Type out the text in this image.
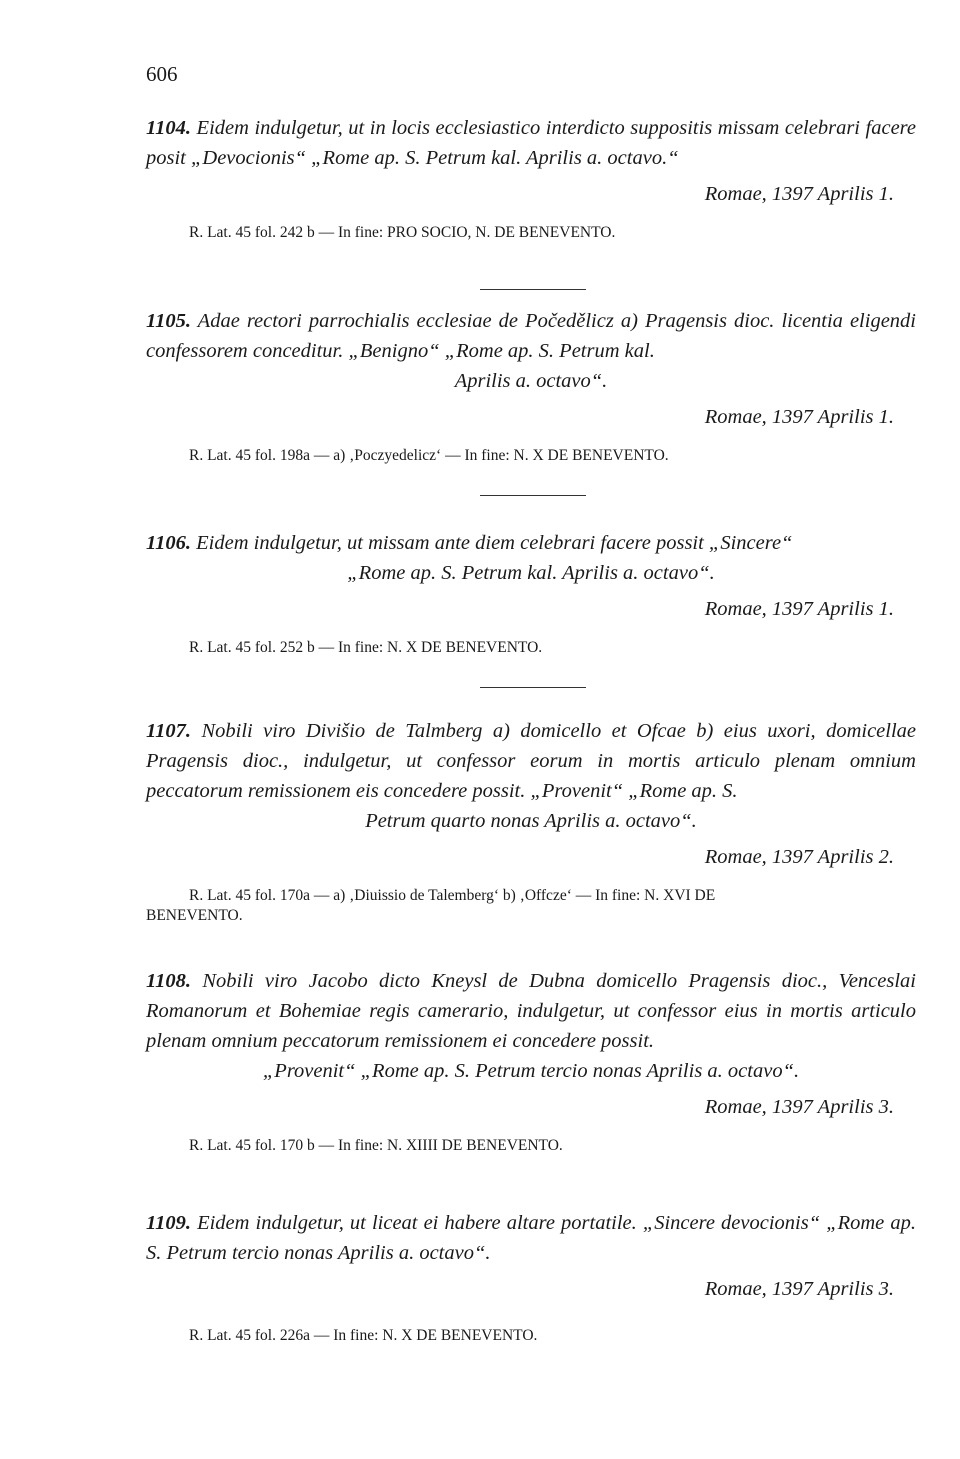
606

1104. Eidem indulgetur, ut in locis ecclesiastico interdicto suppositis missam celebrari facere posit „Devocionis“ „Rome ap. S. Petrum kal. Aprilis a. octavo.“

Romae, 1397 Aprilis 1.
R. Lat. 45 fol. 242 b — In fine: PRO SOCIO, N. DE BENEVENTO.

1105. Adae rectori parrochialis ecclesiae de Počedělicz a) Pragensis dioc. licentia eligendi confessorem conceditur. „Benigno“ „Rome ap. S. Petrum kal.
Aprilis a. octavo“.

Romae, 1397 Aprilis 1.
R. Lat. 45 fol. 198a — a) ‚Poczyedelicz‘ — In fine: N. X DE BENEVENTO.

1106. Eidem indulgetur, ut missam ante diem celebrari facere possit „Sincere“
„Rome ap. S. Petrum kal. Aprilis a. octavo“.

Romae, 1397 Aprilis 1.
R. Lat. 45 fol. 252 b — In fine: N. X DE BENEVENTO.

1107. Nobili viro Divišio de Talmberg a) domicello et Ofcae b) eius uxori, domicellae Pragensis dioc., indulgetur, ut confessor eorum in mortis articulo plenam omnium peccatorum remissionem eis concedere possit. „Provenit“ „Rome ap. S.
Petrum quarto nonas Aprilis a. octavo“.

Romae, 1397 Aprilis 2.
R. Lat. 45 fol. 170a — a) ‚Diuissio de Talemberg‘ b) ‚Offcze‘ — In fine: N. XVI DE
BENEVENTO.

1108. Nobili viro Jacobo dicto Kneysl de Dubna domicello Pragensis dioc., Venceslai Romanorum et Bohemiae regis camerario, indulgetur, ut confessor eius in mortis articulo plenam omnium peccatorum remissionem ei concedere possit.
„Provenit“ „Rome ap. S. Petrum tercio nonas Aprilis a. octavo“.

Romae, 1397 Aprilis 3.
R. Lat. 45 fol. 170 b — In fine: N. XIIII DE BENEVENTO.

1109. Eidem indulgetur, ut liceat ei habere altare portatile. „Sincere devocionis“ „Rome ap. S. Petrum tercio nonas Aprilis a. octavo“.

Romae, 1397 Aprilis 3.
R. Lat. 45 fol. 226a — In fine: N. X DE BENEVENTO.
